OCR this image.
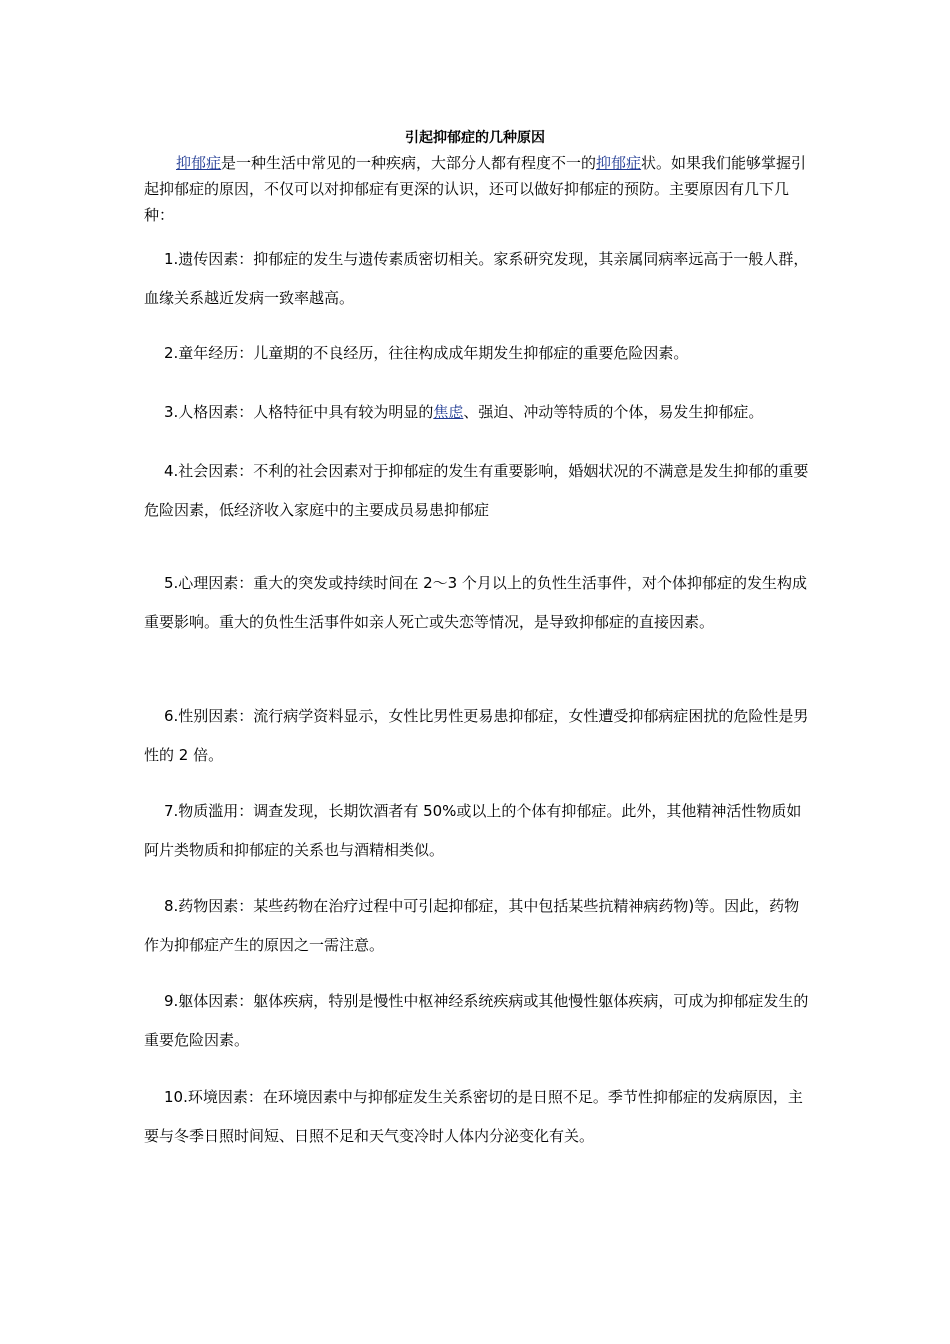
引起抑郁症的几种原因

抑郁症是一种生活中常见的一种疾病，大部分人都有程度不一的抑郁症状。如果我们能够掌握引起抑郁症的原因，不仅可以对抑郁症有更深的认识，还可以做好抑郁症的预防。主要原因有几下几种：

1.遗传因素：抑郁症的发生与遗传素质密切相关。家系研究发现，其亲属同病率远高于一般人群，血缘关系越近发病一致率越高。

2.童年经历：儿童期的不良经历，往往构成成年期发生抑郁症的重要危险因素。

3.人格因素：人格特征中具有较为明显的焦虑、强迫、冲动等特质的个体，易发生抑郁症。

4.社会因素：不利的社会因素对于抑郁症的发生有重要影响，婚姻状况的不满意是发生抑郁的重要危险因素，低经济收入家庭中的主要成员易患抑郁症

5.心理因素：重大的突发或持续时间在 2～3 个月以上的负性生活事件，对个体抑郁症的发生构成重要影响。重大的负性生活事件如亲人死亡或失恋等情况，是导致抑郁症的直接因素。

6.性别因素：流行病学资料显示，女性比男性更易患抑郁症，女性遭受抑郁病症困扰的危险性是男性的 2 倍。

7.物质滥用：调查发现，长期饮酒者有 50%或以上的个体有抑郁症。此外，其他精神活性物质如阿片类物质和抑郁症的关系也与酒精相类似。

8.药物因素：某些药物在治疗过程中可引起抑郁症，其中包括某些抗精神病药物)等。因此，药物作为抑郁症产生的原因之一需注意。

9.躯体因素：躯体疾病，特别是慢性中枢神经系统疾病或其他慢性躯体疾病，可成为抑郁症发生的重要危险因素。

10.环境因素：在环境因素中与抑郁症发生关系密切的是日照不足。季节性抑郁症的发病原因，主要与冬季日照时间短、日照不足和天气变冷时人体内分泌变化有关。
